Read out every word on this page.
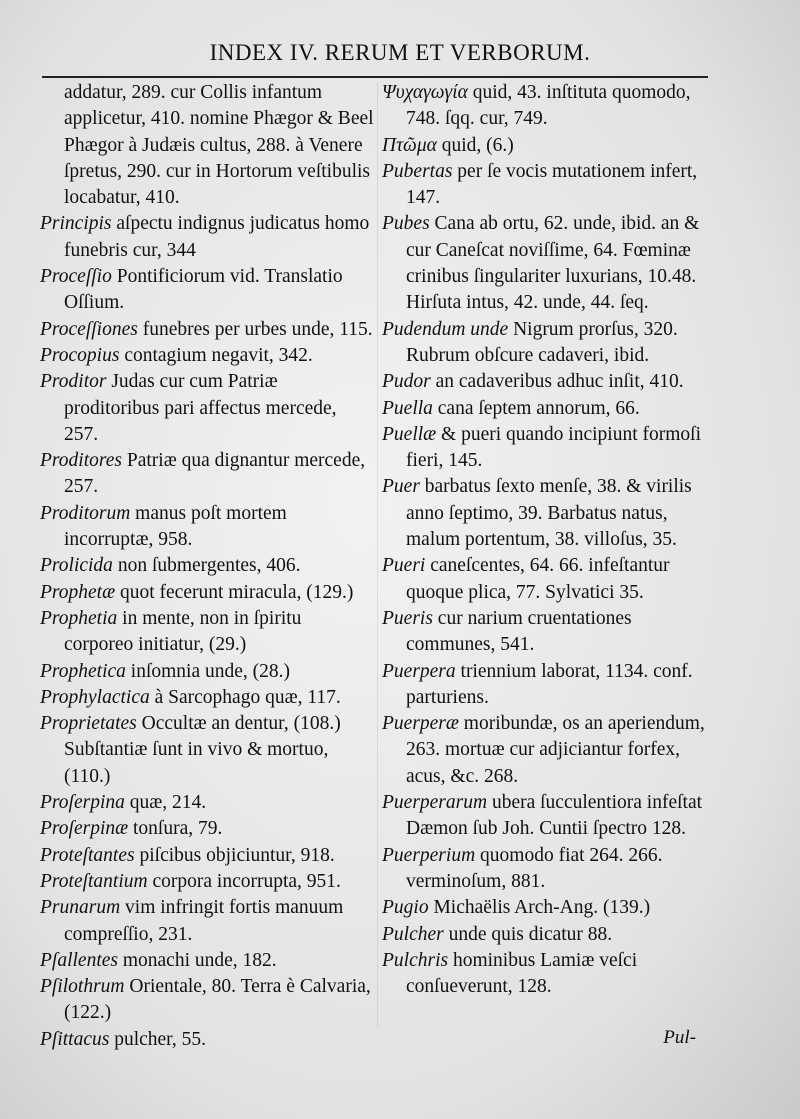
INDEX IV. RERUM ET VERBORUM.

addatur, 289. cur Collis infantum applicetur, 410. nomine Phægor & Beel Phægor à Judæis cultus, 288. à Venere ſpretus, 290. cur in Hortorum veſtibulis locabatur, 410.

Principis aſpectu indignus judicatus homo funebris cur, 344

Proceſſio Pontificiorum vid. Translatio Oſſium.

Proceſſiones funebres per urbes unde, 115.

Procopius contagium negavit, 342.

Proditor Judas cur cum Patriæ proditoribus pari affectus mercede, 257.

Proditores Patriæ qua dignantur mercede, 257.

Proditorum manus poſt mortem incorruptæ, 958.

Prolicida non ſubmergentes, 406.

Prophetæ quot fecerunt miracula, (129.)

Prophetia in mente, non in ſpiritu corporeo initiatur, (29.)

Prophetica inſomnia unde, (28.)

Prophylactica à Sarcophago quæ, 117.

Proprietates Occultæ an dentur, (108.) Subſtantiæ ſunt in vivo & mortuo, (110.)

Proſerpina quæ, 214.

Proſerpinæ tonſura, 79.

Proteſtantes piſcibus objiciuntur, 918.

Proteſtantium corpora incorrupta, 951.

Prunarum vim infringit fortis manuum compreſſio, 231.

Pſallentes monachi unde, 182.

Pſilothrum Orientale, 80. Terra è Calvaria, (122.)

Pſittacus pulcher, 55.

Ψυχαγωγία quid, 43. inſtituta quomodo, 748. ſqq. cur, 749.

Πτῶμα quid, (6.)

Pubertas per ſe vocis mutationem infert, 147.

Pubes Cana ab ortu, 62. unde, ibid. an & cur Caneſcat noviſſime, 64. Fœminæ crinibus ſingulariter luxurians, 10.48. Hirſuta intus, 42. unde, 44. ſeq.

Pudendum unde Nigrum prorſus, 320. Rubrum obſcure cadaveri, ibid.

Pudor an cadaveribus adhuc inſit, 410.

Puella cana ſeptem annorum, 66.

Puellæ & pueri quando incipiunt formoſi fieri, 145.

Puer barbatus ſexto menſe, 38. & virilis anno ſeptimo, 39. Barbatus natus, malum portentum, 38. villoſus, 35.

Pueri caneſcentes, 64. 66. infeſtantur quoque plica, 77. Sylvatici 35.

Pueris cur narium cruentationes communes, 541.

Puerpera triennium laborat, 1134. conf. parturiens.

Puerperæ moribundæ, os an aperiendum, 263. mortuæ cur adjiciantur forfex, acus, &c. 268.

Puerperarum ubera ſucculentiora infeſtat Dæmon ſub Joh. Cuntii ſpectro 128.

Puerperium quomodo fiat 264. 266. verminoſum, 881.

Pugio Michaëlis Arch-Ang. (139.)

Pulcher unde quis dicatur 88.

Pulchris hominibus Lamiæ veſci conſueverunt, 128.

Pul-
